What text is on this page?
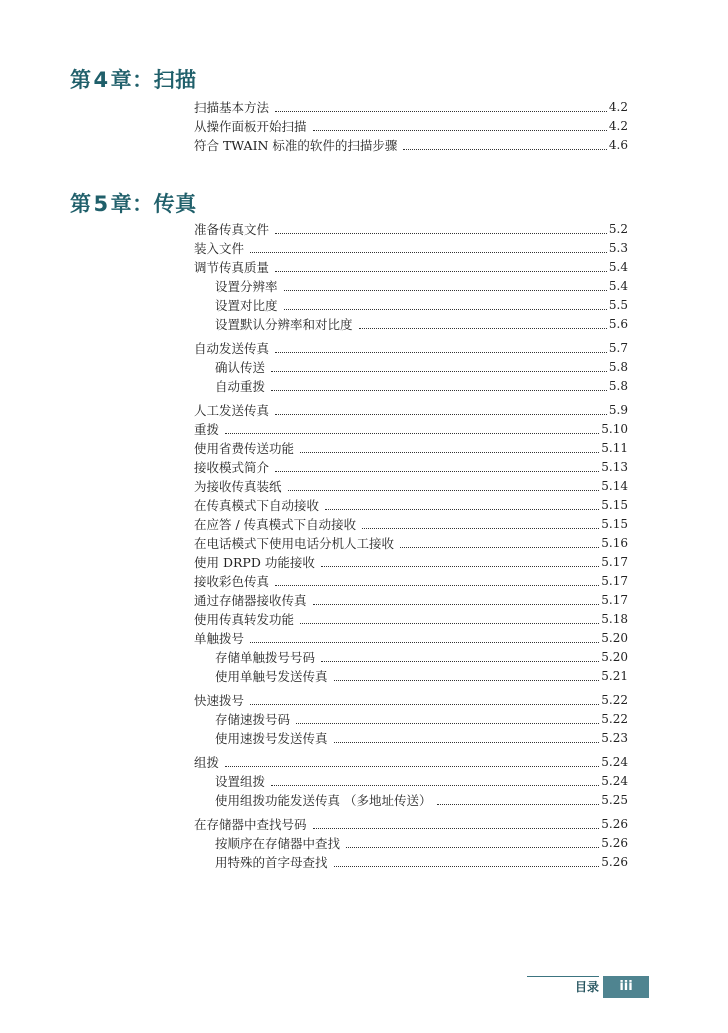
第4章：扫描
扫描基本方法	4.2
从操作面板开始扫描	4.2
符合 TWAIN 标准的软件的扫描步骤	4.6
第5章：传真
准备传真文件	5.2
装入文件	5.3
调节传真质量	5.4
设置分辨率	5.4
设置对比度	5.5
设置默认分辨率和对比度	5.6
自动发送传真	5.7
确认传送	5.8
自动重拨	5.8
人工发送传真	5.9
重拨	5.10
使用省费传送功能	5.11
接收模式简介	5.13
为接收传真装纸	5.14
在传真模式下自动接收	5.15
在应答 / 传真模式下自动接收	5.15
在电话模式下使用电话分机人工接收	5.16
使用 DRPD 功能接收	5.17
接收彩色传真	5.17
通过存储器接收传真	5.17
使用传真转发功能	5.18
单触拨号	5.20
存储单触拨号号码	5.20
使用单触号发送传真	5.21
快速拨号	5.22
存储速拨号码	5.22
使用速拨号发送传真	5.23
组拨	5.24
设置组拨	5.24
使用组拨功能发送传真 （多地址传送）	5.25
在存储器中查找号码	5.26
按顺序在存储器中查找	5.26
用特殊的首字母查找	5.26
目录	iii
